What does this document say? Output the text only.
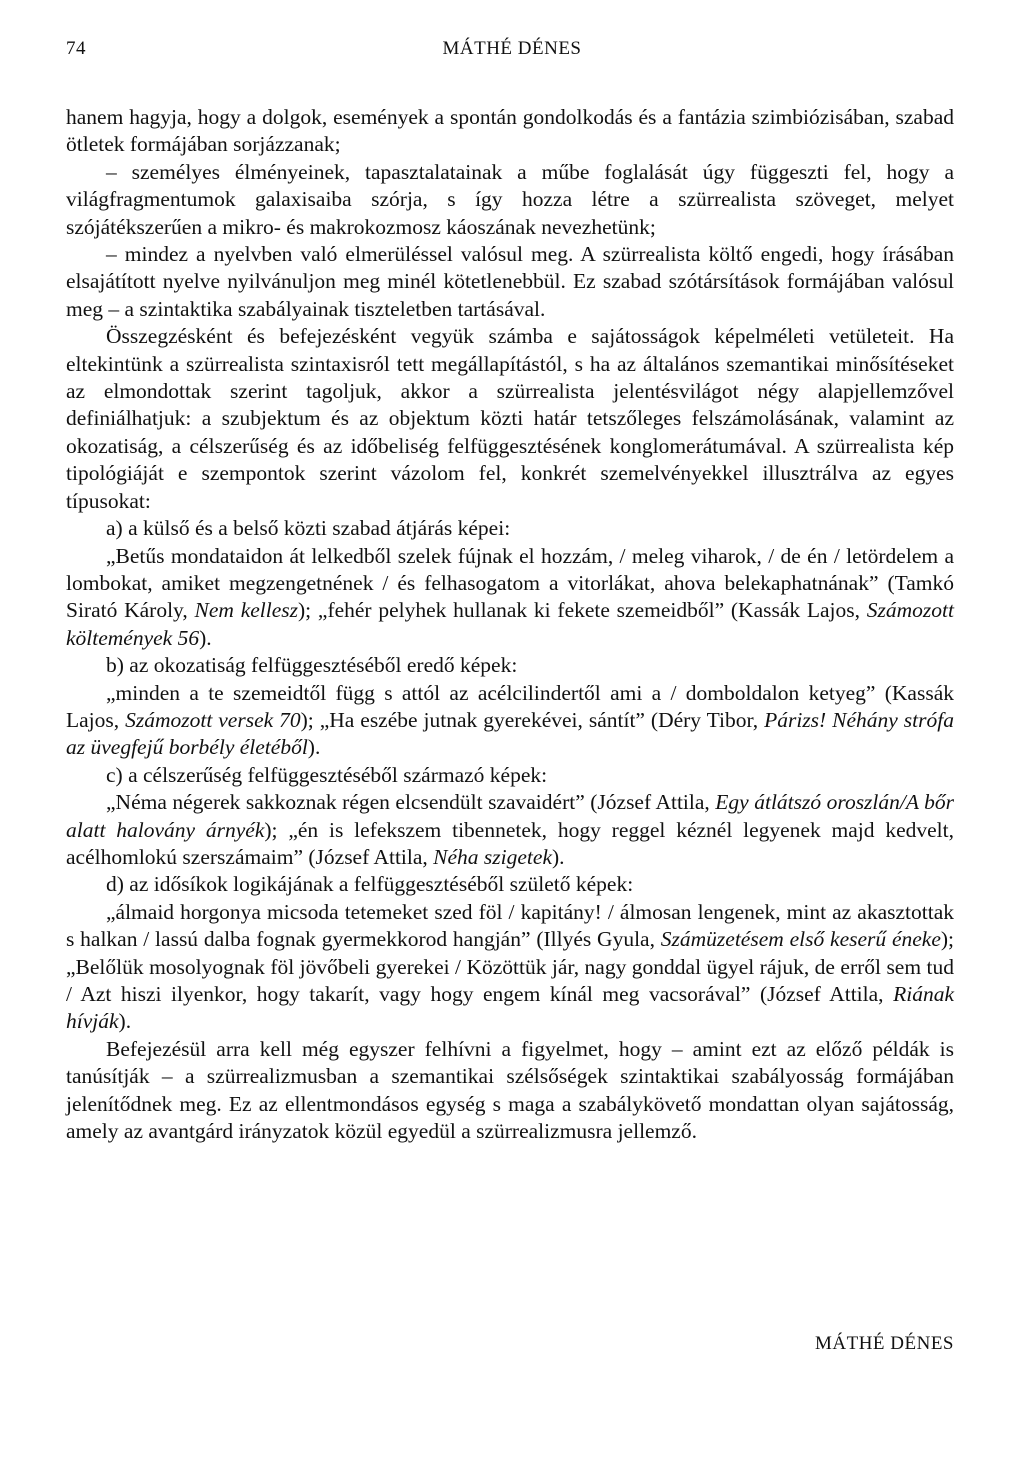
74	MÁTHÉ DÉNES

hanem hagyja, hogy a dolgok, események a spontán gondolkodás és a fantázia szimbiózisában, szabad ötletek formájában sorjázzanak;

– személyes élményeinek, tapasztalatainak a műbe foglalását úgy függeszti fel, hogy a világfragmentumok galaxisaiba szórja, s így hozza létre a szürrealista szöveget, melyet szójátékszerűen a mikro- és makrokozmosz káoszának nevezhetünk;

– mindez a nyelvben való elmerüléssel valósul meg. A szürrealista költő engedi, hogy írásában elsajátított nyelve nyilvánuljon meg minél kötetlenebbül. Ez szabad szótársítások formájában valósul meg – a szintaktika szabályainak tiszteletben tartásával.

Összegzésként és befejezésként vegyük számba e sajátosságok képelméleti vetületeit. Ha eltekintünk a szürrealista szintaxisról tett megállapítástól, s ha az általános szemantikai minősítéseket az elmondottak szerint tagoljuk, akkor a szürrealista jelentésvilágot négy alapjellemzővel definiálhatjuk: a szubjektum és az objektum közti határ tetszőleges felszámolásának, valamint az okozatiság, a célszerűség és az időbeliség felfüggesztésének konglomerátumával. A szürrealista kép tipológiáját e szempontok szerint vázolom fel, konkrét szemelvényekkel illusztrálva az egyes típusokat:

a) a külső és a belső közti szabad átjárás képei:

„Betűs mondataidon át lelkedből szelek fújnak el hozzám, / meleg viharok, / de én / letördelem a lombokat, amiket megzengetnének / és felhasogatom a vitorlákat, ahova belekaphatnának” (Tamkó Sirató Károly, Nem kellesz); „fehér pelyhek hullanak ki fekete szemeidből” (Kassák Lajos, Számozott költemények 56).

b) az okozatiság felfüggesztéséből eredő képek:

„minden a te szemeidtől függ s attól az acélcilindertől ami a / domboldalon ketyeg” (Kassák Lajos, Számozott versek 70); „Ha eszébe jutnak gyerekévei, sántít” (Déry Tibor, Párizs! Néhány strófa az üvegfejű borbély életéből).

c) a célszerűség felfüggesztéséből származó képek:

„Néma négerek sakkoznak régen elcsendült szavaidért” (József Attila, Egy átlátszó oroszlán/A bőr alatt halovány árnyék); „én is lefekszem tibennetek, hogy reggel kéznél legyenek majd kedvelt, acélhomlokú szerszámaim” (József Attila, Néha szigetek).

d) az idősíkok logikájának a felfüggesztéséből születő képek:

„álmaid horgonya micsoda tetemeket szed föl / kapitány! / álmosan lengenek, mint az akasztottak s halkan / lassú dalba fognak gyermekkorod hangján” (Illyés Gyula, Számüzetésem első keserű éneke); „Belőlük mosolyognak föl jövőbeli gyerekei / Közöttük jár, nagy gonddal ügyel rájuk, de erről sem tud / Azt hiszi ilyenkor, hogy takarít, vagy hogy engem kínál meg vacsorával” (József Attila, Riának hívják).

Befejezésül arra kell még egyszer felhívni a figyelmet, hogy – amint ezt az előző példák is tanúsítják – a szürrealizmusban a szemantikai szélsőségek szintaktikai szabályosság formájában jelenítődnek meg. Ez az ellentmondásos egység s maga a szabálykövető mondattan olyan sajátosság, amely az avantgárd irányzatok közül egyedül a szürrealizmusra jellemző.

MÁTHÉ DÉNES
